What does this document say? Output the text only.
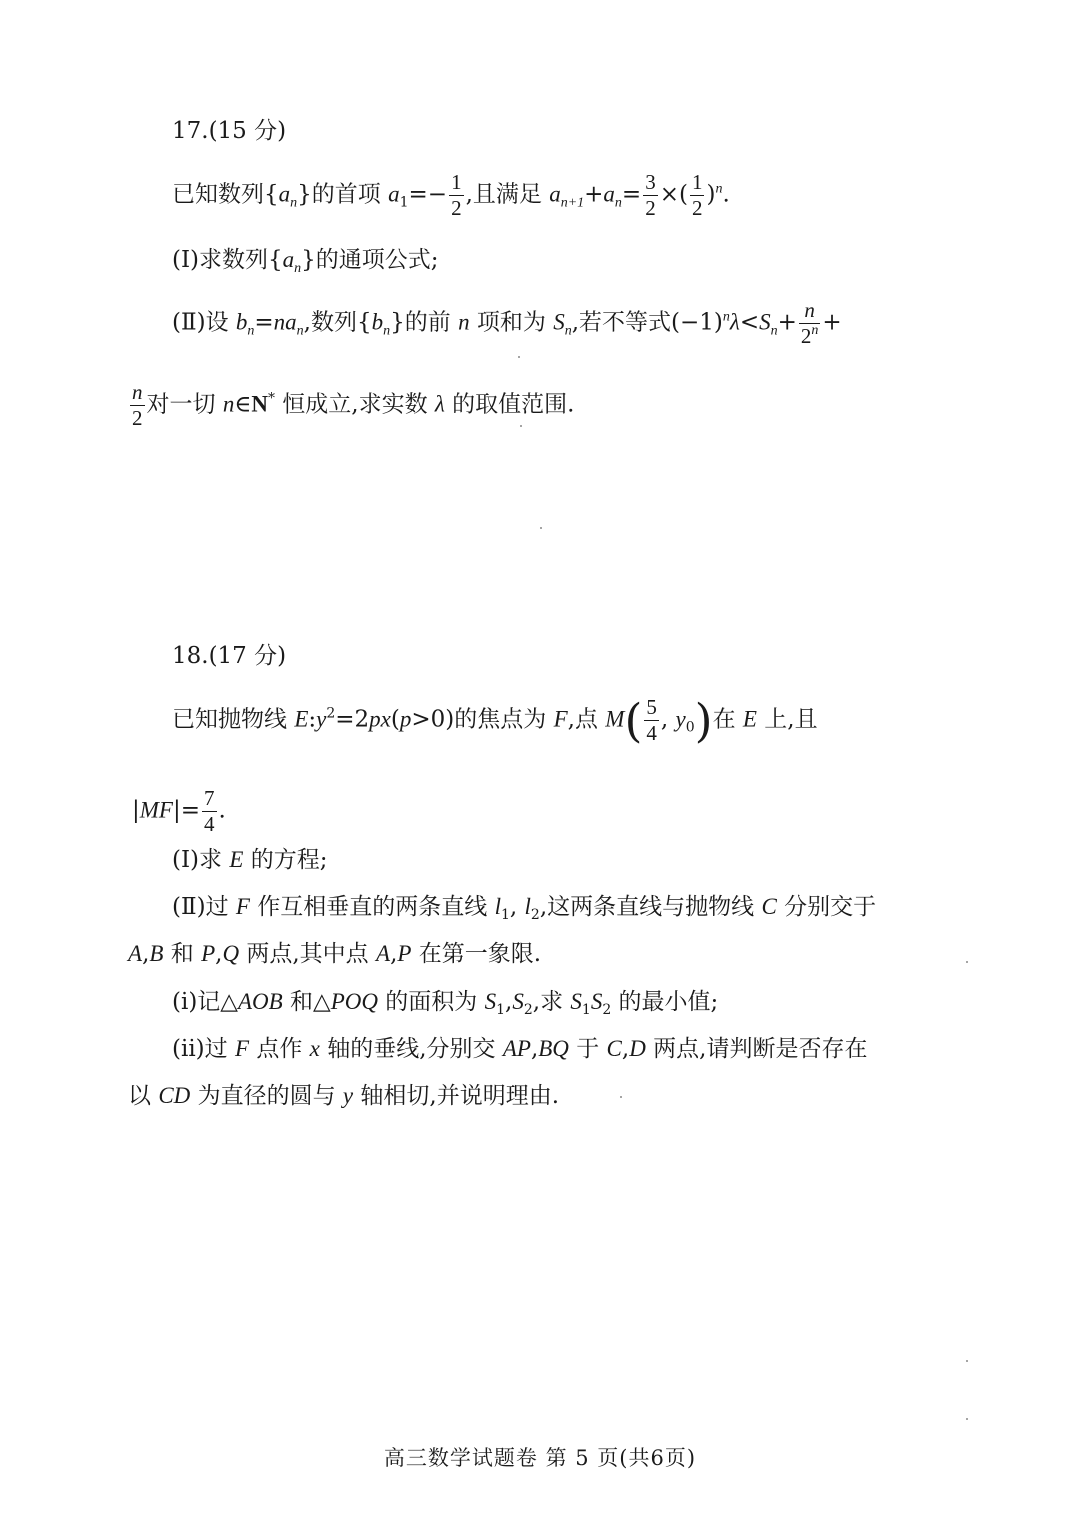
17.(15 分)
已知数列$\{a_n\}$的首项 $a_1=- \frac{1}{2}$ ,且满足 $a_{n+1}+a_n= \frac{3}{2}$ ×( $\frac{1}{2} )^n$.
(Ⅰ)求数列$\{a_n\}$的通项公式;
(Ⅱ)设 $b_n=na_n$,数列$\{b_n\}$的前 n 项和为 $S_n$,若不等式$(-1)^n\lambda<S_n+ \frac{n}{2^n}$ +
$\frac{n}{2}$ 对一切 n∈N* 恒成立,求实数 λ 的取值范围.
18.(17 分)
已知抛物线 $E:y^2=2px(p>0)$的焦点为 F,点 $M( \frac{5}{4}$ , $y_0$)在 E 上,且
$|MF|= \frac{7}{4}$ .
(Ⅰ)求 E 的方程;
(Ⅱ)过 F 作互相垂直的两条直线 $l_1$, $l_2$,这两条直线与抛物线 C 分别交于
A,B 和 P,Q 两点,其中点 A,P 在第一象限.
(ⅰ)记△AOB 和△POQ 的面积为 $S_1,S_2$,求 $S_1S_2$ 的最小值;
(ⅱ)过 F 点作 x 轴的垂线,分别交 AP,BQ 于 C,D 两点,请判断是否存在
以 CD 为直径的圆与 y 轴相切,并说明理由.
高三数学试题卷 第 5 页(共6页)
